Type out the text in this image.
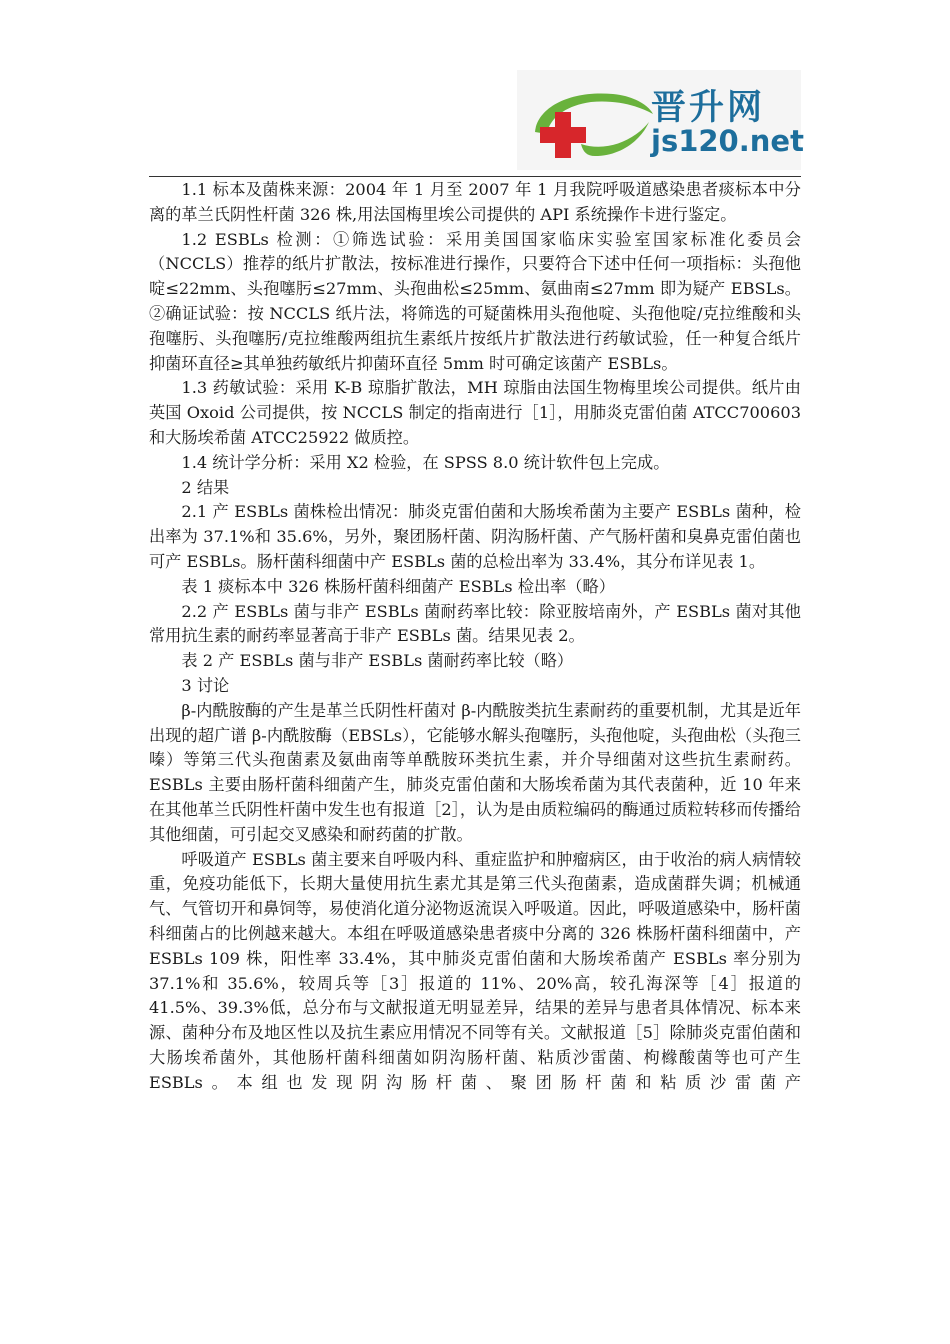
晋升网
js120.net

1.1 标本及菌株来源：2004 年 1 月至 2007 年 1 月我院呼吸道感染患者痰标本中分离的革兰氏阴性杆菌 326 株,用法国梅里埃公司提供的 API 系统操作卡进行鉴定。

1.2 ESBLs 检测：①筛选试验：采用美国国家临床实验室国家标准化委员会（NCCLS）推荐的纸片扩散法，按标准进行操作，只要符合下述中任何一项指标：头孢他啶≤22mm、头孢噻肟≤27mm、头孢曲松≤25mm、氨曲南≤27mm 即为疑产 EBSLs。②确证试验：按 NCCLS 纸片法，将筛选的可疑菌株用头孢他啶、头孢他啶/克拉维酸和头孢噻肟、头孢噻肟/克拉维酸两组抗生素纸片按纸片扩散法进行药敏试验，任一种复合纸片抑菌环直径≥其单独药敏纸片抑菌环直径 5mm 时可确定该菌产 ESBLs。

1.3 药敏试验：采用 K-B 琼脂扩散法，MH 琼脂由法国生物梅里埃公司提供。纸片由英国 Oxoid 公司提供，按 NCCLS 制定的指南进行［1］，用肺炎克雷伯菌 ATCC700603 和大肠埃希菌 ATCC25922 做质控。

1.4 统计学分析：采用 X2 检验，在 SPSS 8.0 统计软件包上完成。

2 结果

2.1 产 ESBLs 菌株检出情况：肺炎克雷伯菌和大肠埃希菌为主要产 ESBLs 菌种，检出率为 37.1%和 35.6%，另外，聚团肠杆菌、阴沟肠杆菌、产气肠杆菌和臭鼻克雷伯菌也可产 ESBLs。肠杆菌科细菌中产 ESBLs 菌的总检出率为 33.4%，其分布详见表 1。

表 1 痰标本中 326 株肠杆菌科细菌产 ESBLs 检出率（略）

2.2 产 ESBLs 菌与非产 ESBLs 菌耐药率比较：除亚胺培南外，产 ESBLs 菌对其他常用抗生素的耐药率显著高于非产 ESBLs 菌。结果见表 2。

表 2 产 ESBLs 菌与非产 ESBLs 菌耐药率比较（略）

3 讨论

β-内酰胺酶的产生是革兰氏阴性杆菌对 β-内酰胺类抗生素耐药的重要机制，尤其是近年出现的超广谱 β-内酰胺酶（EBSLs），它能够水解头孢噻肟，头孢他啶，头孢曲松（头孢三嗪）等第三代头孢菌素及氨曲南等单酰胺环类抗生素，并介导细菌对这些抗生素耐药。ESBLs 主要由肠杆菌科细菌产生，肺炎克雷伯菌和大肠埃希菌为其代表菌种，近 10 年来在其他革兰氏阴性杆菌中发生也有报道［2］，认为是由质粒编码的酶通过质粒转移而传播给其他细菌，可引起交叉感染和耐药菌的扩散。

呼吸道产 ESBLs 菌主要来自呼吸内科、重症监护和肿瘤病区，由于收治的病人病情较重，免疫功能低下，长期大量使用抗生素尤其是第三代头孢菌素，造成菌群失调；机械通气、气管切开和鼻饲等，易使消化道分泌物返流误入呼吸道。因此，呼吸道感染中，肠杆菌科细菌占的比例越来越大。本组在呼吸道感染患者痰中分离的 326 株肠杆菌科细菌中，产 ESBLs 109 株，阳性率 33.4%，其中肺炎克雷伯菌和大肠埃希菌产 ESBLs 率分别为 37.1%和 35.6%，较周兵等［3］报道的 11%、20%高，较孔海深等［4］报道的 41.5%、39.3%低，总分布与文献报道无明显差异，结果的差异与患者具体情况、标本来源、菌种分布及地区性以及抗生素应用情况不同等有关。文献报道［5］除肺炎克雷伯菌和大肠埃希菌外，其他肠杆菌科细菌如阴沟肠杆菌、粘质沙雷菌、枸橼酸菌等也可产生 ESBLs。本组也发现阴沟肠杆菌、聚团肠杆菌和粘质沙雷菌产
